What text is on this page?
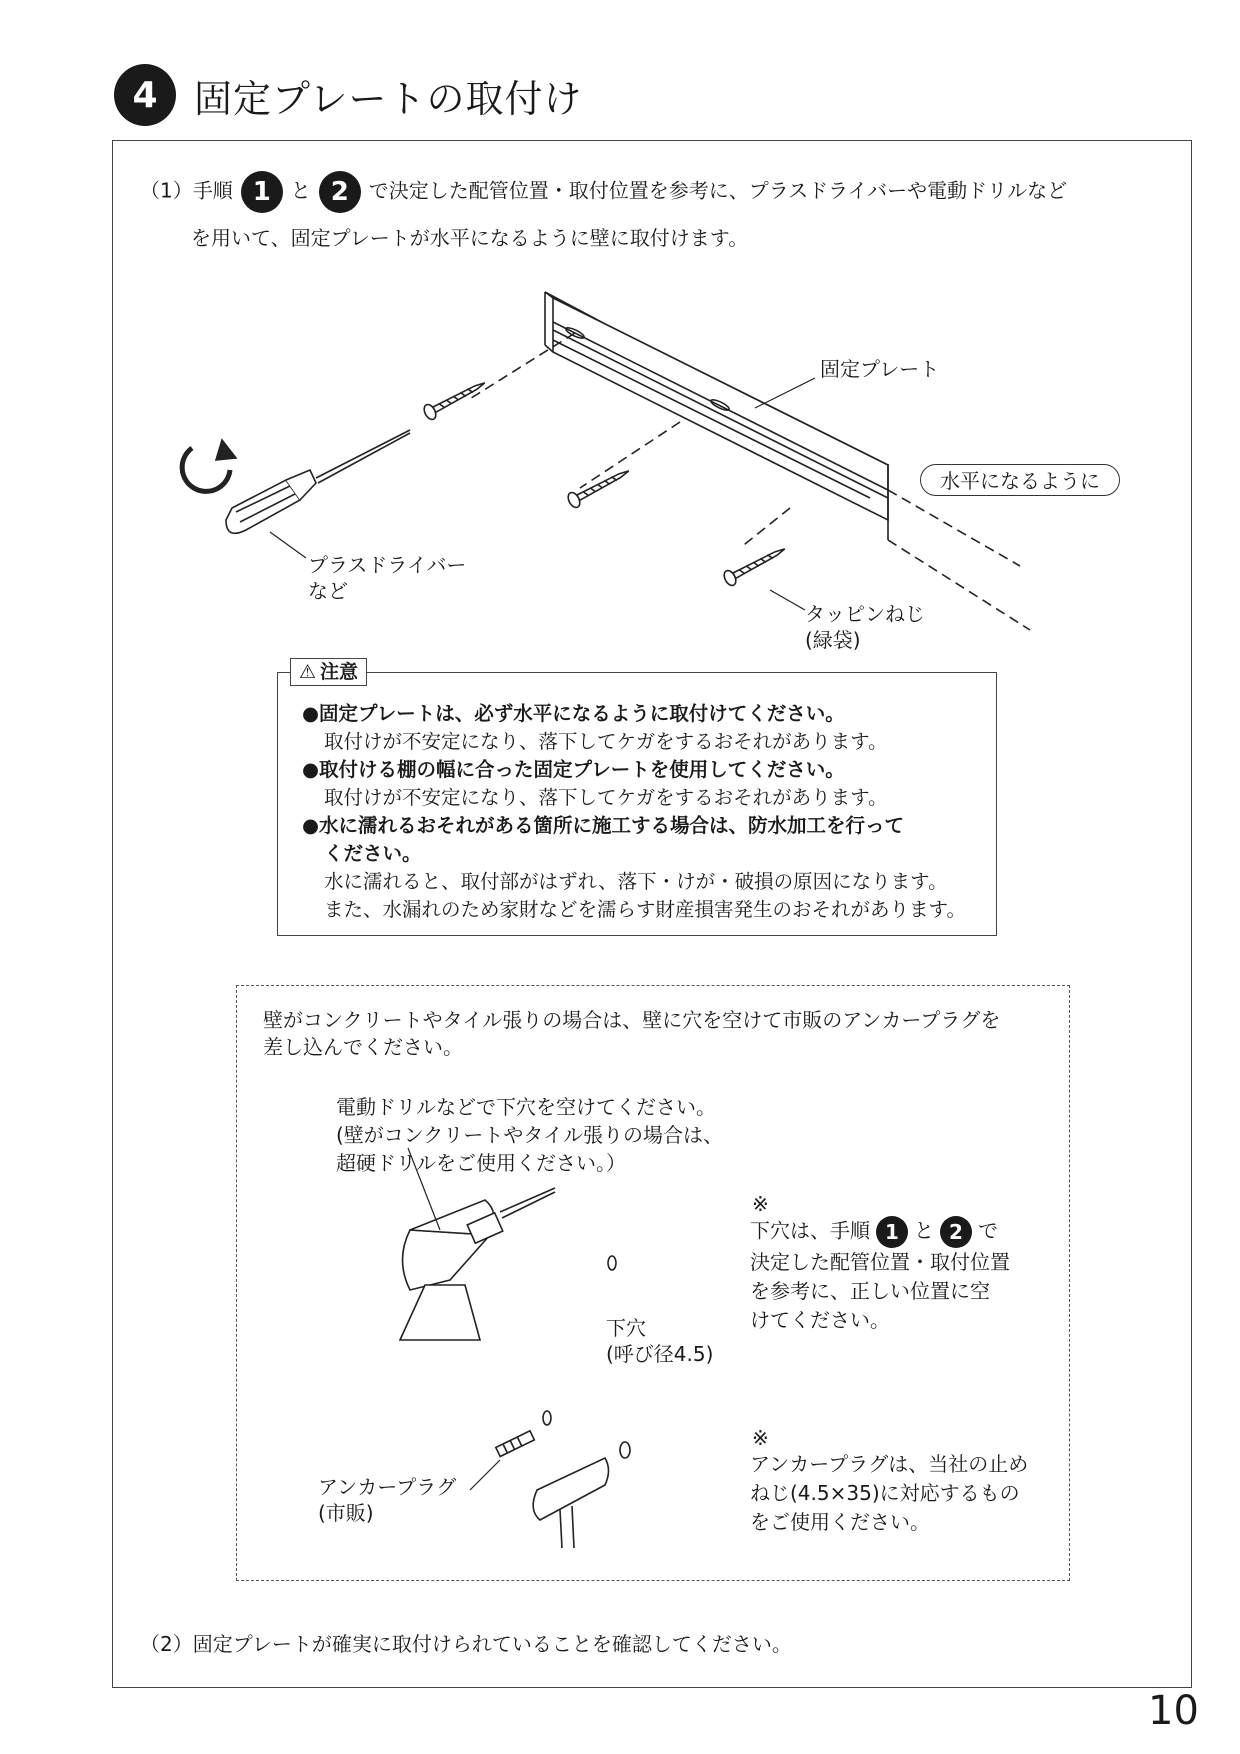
4 固定プレートの取付け
（1）手順 1 と 2 で決定した配管位置・取付位置を参考に、プラスドライバーや電動ドリルなど
を用いて、固定プレートが水平になるように壁に取付けます。
固定プレート
水平になるように
プラスドライバー
など
タッピンねじ
(緑袋)
⚠ 注意
●固定プレートは、必ず水平になるように取付けてください。
取付けが不安定になり、落下してケガをするおそれがあります。
●取付ける棚の幅に合った固定プレートを使用してください。
取付けが不安定になり、落下してケガをするおそれがあります。
●水に濡れるおそれがある箇所に施工する場合は、防水加工を行って
ください。
水に濡れると、取付部がはずれ、落下・けが・破損の原因になります。
また、水漏れのため家財などを濡らす財産損害発生のおそれがあります。
壁がコンクリートやタイル張りの場合は、壁に穴を空けて市販のアンカープラグを
差し込んでください。
電動ドリルなどで下穴を空けてください。
(壁がコンクリートやタイル張りの場合は、
超硬ドリルをご使用ください。）
下穴
(呼び径4.5)
アンカープラグ
(市販)
※
下穴は、手順 1 と 2 で
決定した配管位置・取付位置
を参考に、正しい位置に空
けてください。
※
アンカープラグは、当社の止め
ねじ(4.5×35)に対応するもの
をご使用ください。
（2）固定プレートが確実に取付けられていることを確認してください。
10
